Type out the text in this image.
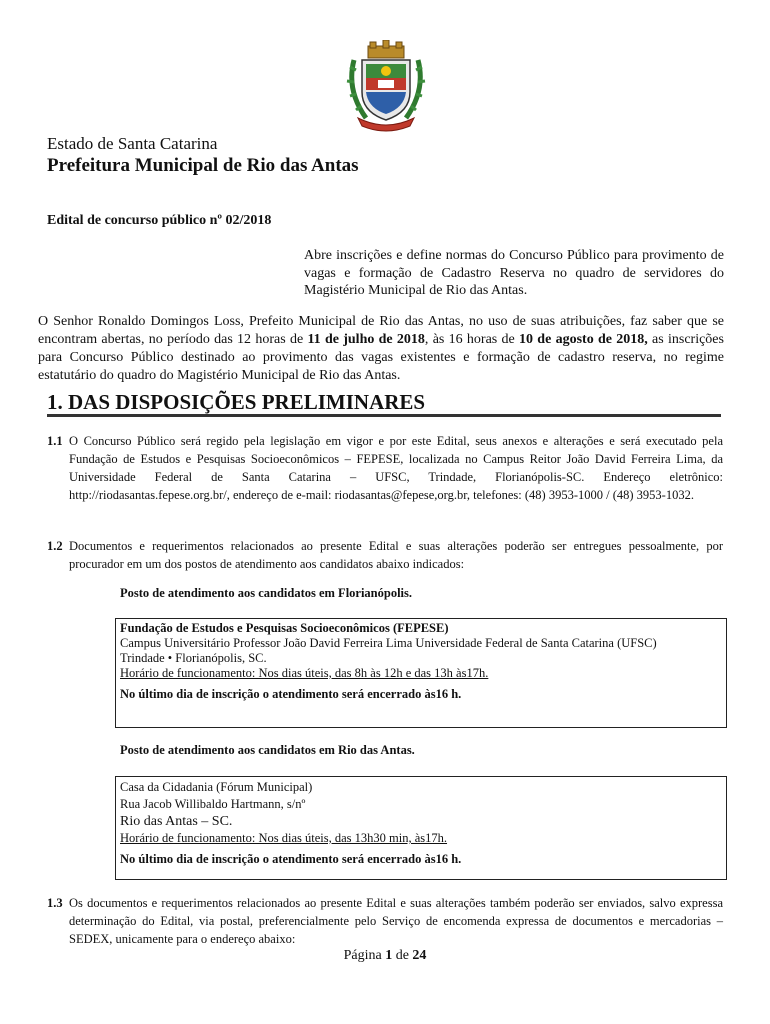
Estado de Santa Catarina
Prefeitura Municipal de Rio das Antas
Edital de concurso público nº 02/2018
Abre inscrições e define normas do Concurso Público para provimento de vagas e formação de Cadastro Reserva no quadro de servidores do Magistério Municipal de Rio das Antas.
O Senhor Ronaldo Domingos Loss, Prefeito Municipal de Rio das Antas, no uso de suas atribuições, faz saber que se encontram abertas, no período das 12 horas de 11 de julho de 2018, às 16 horas de 10 de agosto de 2018, as inscrições para Concurso Público destinado ao provimento das vagas existentes e formação de cadastro reserva, no regime estatutário do quadro do Magistério Municipal de Rio das Antas.
1. DAS DISPOSIÇÕES PRELIMINARES
1.1 O Concurso Público será regido pela legislação em vigor e por este Edital, seus anexos e alterações e será executado pela Fundação de Estudos e Pesquisas Socioeconômicos – FEPESE, localizada no Campus Reitor João David Ferreira Lima, da Universidade Federal de Santa Catarina – UFSC, Trindade, Florianópolis-SC. Endereço eletrônico: http://riodasantas.fepese.org.br/, endereço de e-mail: riodasantas@fepese,org.br, telefones: (48) 3953-1000 / (48) 3953-1032.
1.2 Documentos e requerimentos relacionados ao presente Edital e suas alterações poderão ser entregues pessoalmente, por procurador em um dos postos de atendimento aos candidatos abaixo indicados:
Posto de atendimento aos candidatos em Florianópolis.
Fundação de Estudos e Pesquisas Socioeconômicos (FEPESE)
Campus Universitário Professor João David Ferreira Lima Universidade Federal de Santa Catarina (UFSC)
Trindade • Florianópolis, SC.
Horário de funcionamento: Nos dias úteis, das 8h às 12h e das 13h às17h.
No último dia de inscrição o atendimento será encerrado às16 h.
Posto de atendimento aos candidatos em Rio das Antas.
Casa da Cidadania (Fórum Municipal)
Rua Jacob Willibaldo Hartmann, s/nº
Rio das Antas – SC.
Horário de funcionamento: Nos dias úteis, das 13h30 min, às17h.
No último dia de inscrição o atendimento será encerrado às16 h.
1.3 Os documentos e requerimentos relacionados ao presente Edital e suas alterações também poderão ser enviados, salvo expressa determinação do Edital, via postal, preferencialmente pelo Serviço de encomenda expressa de documentos e mercadorias – SEDEX, unicamente para o endereço abaixo:
Página 1 de 24
